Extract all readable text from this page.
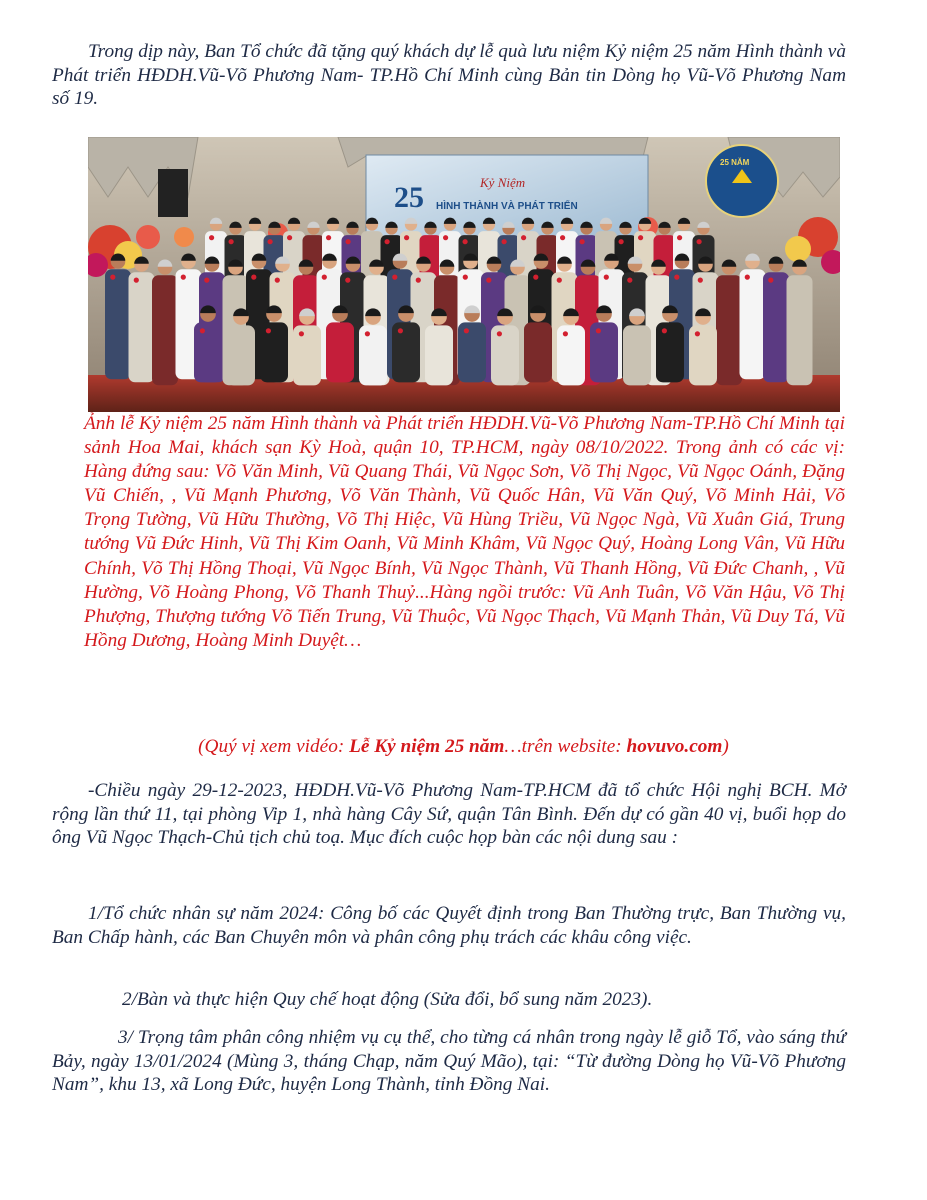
Trong dịp này, Ban Tổ chức đã tặng quý khách dự lễ quà lưu niệm Kỷ niệm 25 năm Hình thành và Phát triển HĐDH.Vũ-Võ Phương Nam- TP.Hồ Chí Minh cùng Bản tin Dòng họ Vũ-Võ Phương Nam số 19.

25	Kỷ Niệm
HÌNH THÀNH VÀ PHÁT TRIỂN
25 NĂM

Ảnh lễ Kỷ niệm 25 năm Hình thành và Phát triển HĐDH.Vũ-Võ Phương Nam-TP.Hồ Chí Minh tại sảnh Hoa Mai, khách sạn Kỳ Hoà, quận 10, TP.HCM, ngày 08/10/2022. Trong ảnh có các vị: Hàng đứng sau: Võ Văn Minh, Vũ Quang Thái, Vũ Ngọc Sơn, Võ Thị Ngọc, Vũ Ngọc Oánh, Đặng Vũ Chiến, , Vũ Mạnh Phương, Võ Văn Thành, Vũ Quốc Hân, Vũ Văn Quý, Võ Minh Hải, Võ Trọng Tường, Vũ Hữu Thường, Võ Thị Hiệc, Vũ Hùng Triều, Vũ Ngọc Ngà, Vũ Xuân Giá, Trung tướng Vũ Đức Hinh, Vũ Thị Kim Oanh, Vũ Minh Khâm, Vũ Ngọc Quý, Hoàng Long Vân, Vũ Hữu Chính, Võ Thị Hồng Thoại, Vũ Ngọc Bính, Vũ Ngọc Thành, Vũ Thanh Hồng, Vũ Đức Chanh, , Vũ Hường, Võ Hoàng Phong, Võ Thanh Thuỷ...Hàng ngồi trước: Vũ Anh Tuân, Võ Văn Hậu, Võ Thị Phượng, Thượng tướng Võ Tiến Trung, Vũ Thuộc, Vũ Ngọc Thạch, Vũ Mạnh Thản, Vũ Duy Tá, Vũ Hồng Dương, Hoàng Minh Duyệt…

(Quý vị xem vidéo: Lễ Kỷ niệm 25 năm…trên website: hovuvo.com)

-Chiều ngày 29-12-2023, HĐDH.Vũ-Võ Phương Nam-TP.HCM đã tổ chức Hội nghị BCH. Mở rộng lần thứ 11, tại phòng Vip 1, nhà hàng Cây Sứ, quận Tân Bình. Đến dự có gần 40 vị, buổi họp do ông Vũ Ngọc Thạch-Chủ tịch chủ toạ. Mục đích cuộc họp bàn các nội dung sau :

1/Tổ chức nhân sự năm 2024: Công bố các Quyết định trong Ban Thường trực, Ban Thường vụ, Ban Chấp hành, các Ban Chuyên môn và phân công phụ trách các khâu công việc.

2/Bàn và thực hiện Quy chế hoạt động (Sửa đổi, bổ sung năm 2023).

3/ Trọng tâm phân công nhiệm vụ cụ thể, cho từng cá nhân trong ngày lễ giỗ Tổ, vào sáng thứ Bảy, ngày 13/01/2024 (Mùng 3, tháng Chạp, năm Quý Mão), tại: “Từ đường Dòng họ Vũ-Võ Phương Nam”, khu 13, xã Long Đức, huyện Long Thành, tỉnh Đồng Nai.
